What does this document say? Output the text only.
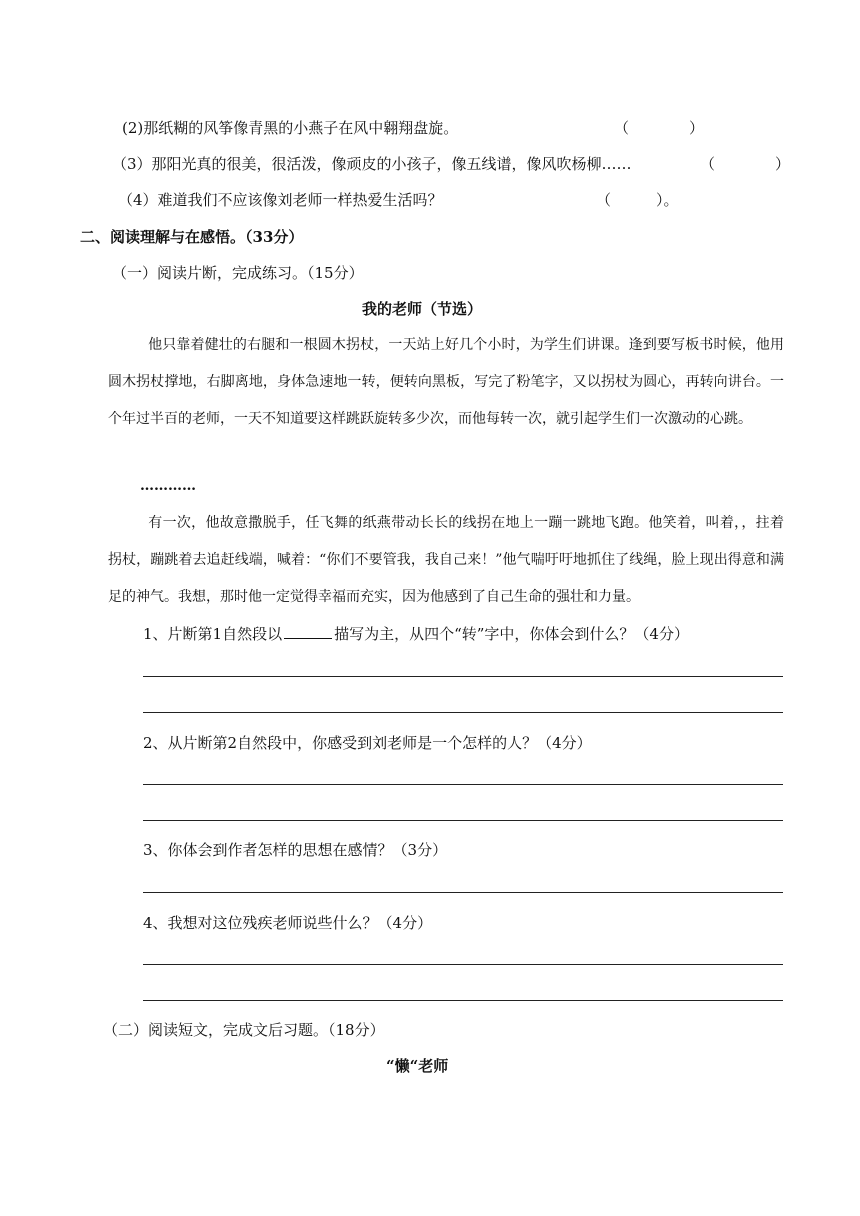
(2)那纸糊的风筝像青黑的小燕子在风中翱翔盘旋。	（　　　　）
（3）那阳光真的很美，很活泼，像顽皮的小孩子，像五线谱，像风吹杨柳……	（　　　　）
（4）难道我们不应该像刘老师一样热爱生活吗？	（　　　）。
二、阅读理解与在感悟。（33分）
（一）阅读片断，完成练习。（15分）
我的老师（节选）
他只靠着健壮的右腿和一根圆木拐杖，一天站上好几个小时，为学生们讲课。逢到要写板书时候，他用圆木拐杖撑地，右脚离地，身体急速地一转，便转向黑板，写完了粉笔字，又以拐杖为圆心，再转向讲台。一个年过半百的老师，一天不知道要这样跳跃旋转多少次，而他每转一次，就引起学生们一次激动的心跳。
…………
有一次，他故意撒脱手，任飞舞的纸燕带动长长的线拐在地上一蹦一跳地飞跑。他笑着，叫着，，拄着拐杖，蹦跳着去追赶线端，喊着：“你们不要管我，我自己来！”他气喘吁吁地抓住了线绳，脸上现出得意和满足的神气。我想，那时他一定觉得幸福而充实，因为他感到了自己生命的强壮和力量。
1、片断第1自然段以	描写为主，从四个“转”字中，你体会到什么？（4分）
2、从片断第2自然段中，你感受到刘老师是一个怎样的人？（4分）
3、你体会到作者怎样的思想在感情？（3分）
4、我想对这位残疾老师说些什么？（4分）
（二）阅读短文，完成文后习题。（18分）
“懒“老师
